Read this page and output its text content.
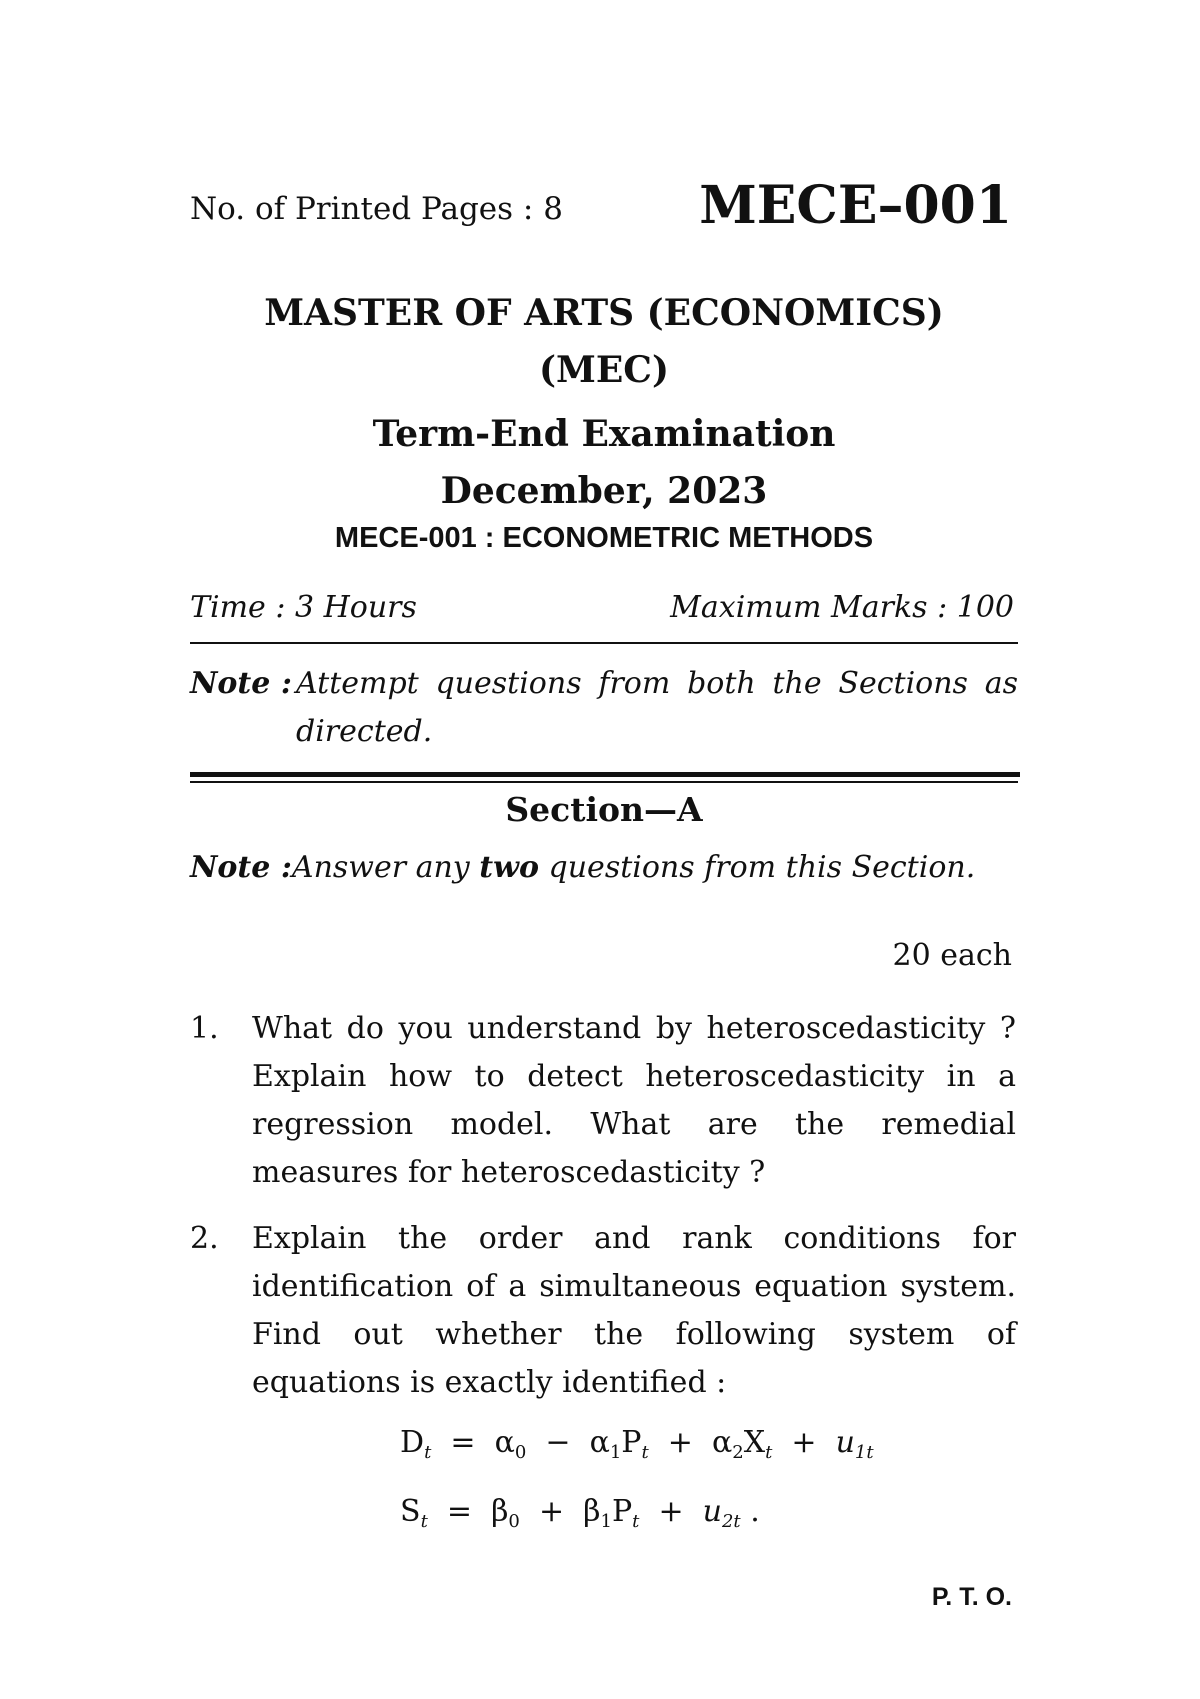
No. of Printed Pages : 8	MECE–001
MASTER OF ARTS (ECONOMICS)
(MEC)
Term-End Examination
December, 2023
MECE-001 : ECONOMETRIC METHODS
Time : 3 Hours	Maximum Marks : 100
Note : Attempt questions from both the Sections as directed.
Section—A
Note :Answer any two questions from this Section.
20 each
1. What do you understand by heteroscedasticity ? Explain how to detect heteroscedasticity in a regression model. What are the remedial measures for heteroscedasticity ?
2. Explain the order and rank conditions for identification of a simultaneous equation system. Find out whether the following system of equations is exactly identified :
$D_t = \alpha_0 - \alpha_1P_t + \alpha_2X_t + u_{1t}$
$S_t = \beta_0 + \beta_1P_t + u_{2t}$ .
P. T. O.
